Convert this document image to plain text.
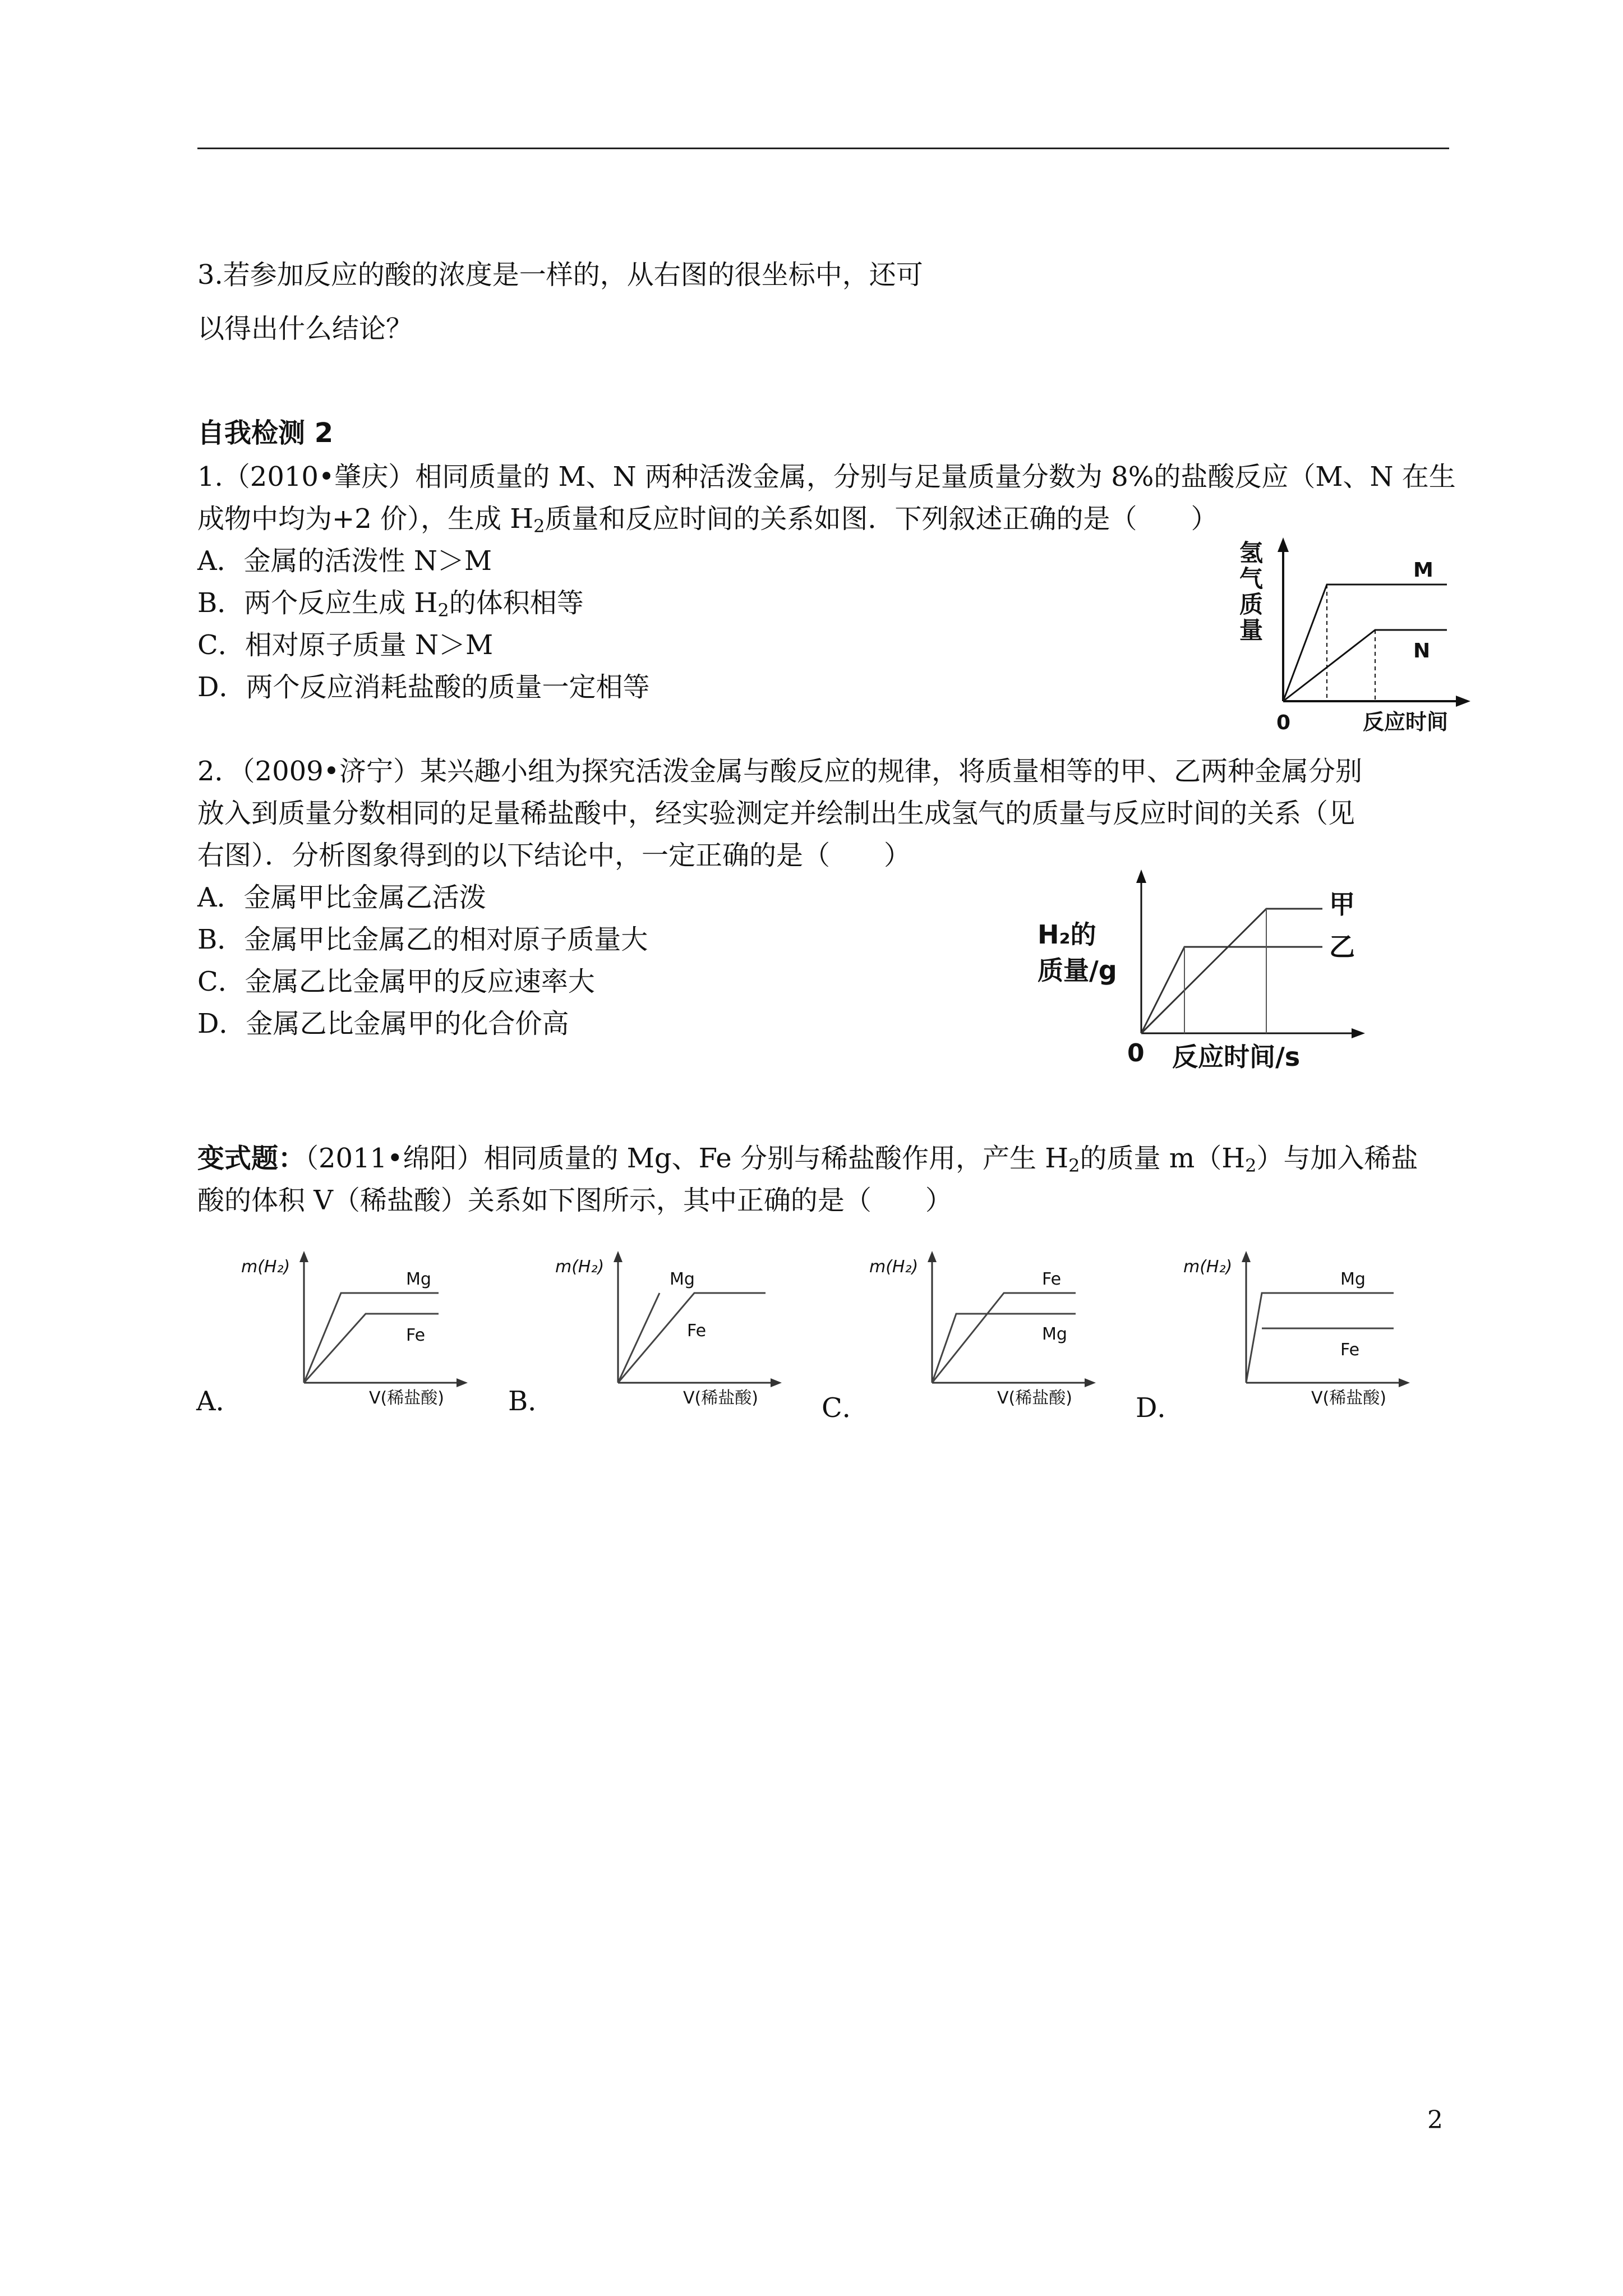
3.若参加反应的酸的浓度是一样的，从右图的很坐标中，还可
以得出什么结论？
自我检测 2
1.（2010•肇庆）相同质量的 M、N 两种活泼金属，分别与足量质量分数为 8%的盐酸反应（M、N 在生
成物中均为+2 价），生成 $H_2$质量和反应时间的关系如图．下列叙述正确的是（　　）
A．金属的活泼性 N＞M
B．两个反应生成 $H_2$的体积相等
C．相对原子质量 N＞M
D．两个反应消耗盐酸的质量一定相等
氢
气
质
量
M
N
0	反应时间
2．（2009•济宁）某兴趣小组为探究活泼金属与酸反应的规律，将质量相等的甲、乙两种金属分别
放入到质量分数相同的足量稀盐酸中，经实验测定并绘制出生成氢气的质量与反应时间的关系（见
右图）．分析图象得到的以下结论中，一定正确的是（　　）
A．金属甲比金属乙活泼
B．金属甲比金属乙的相对原子质量大
C．金属乙比金属甲的反应速率大
D．金属乙比金属甲的化合价高
H₂的
质量/g
甲
乙
0 反应时间/s
变式题：（2011•绵阳）相同质量的 Mg、Fe 分别与稀盐酸作用，产生 $H_2$的质量 $m(H_2)$与加入稀盐
酸的体积 V（稀盐酸）关系如下图所示，其中正确的是（　　）
A．	B．	C．	D．
m(H₂)
Mg
Fe
V(稀盐酸)
m(H₂)
Mg
Fe
V(稀盐酸)
m(H₂)
Fe
Mg
V(稀盐酸)
m(H₂)
Mg
Fe
V(稀盐酸)
2
